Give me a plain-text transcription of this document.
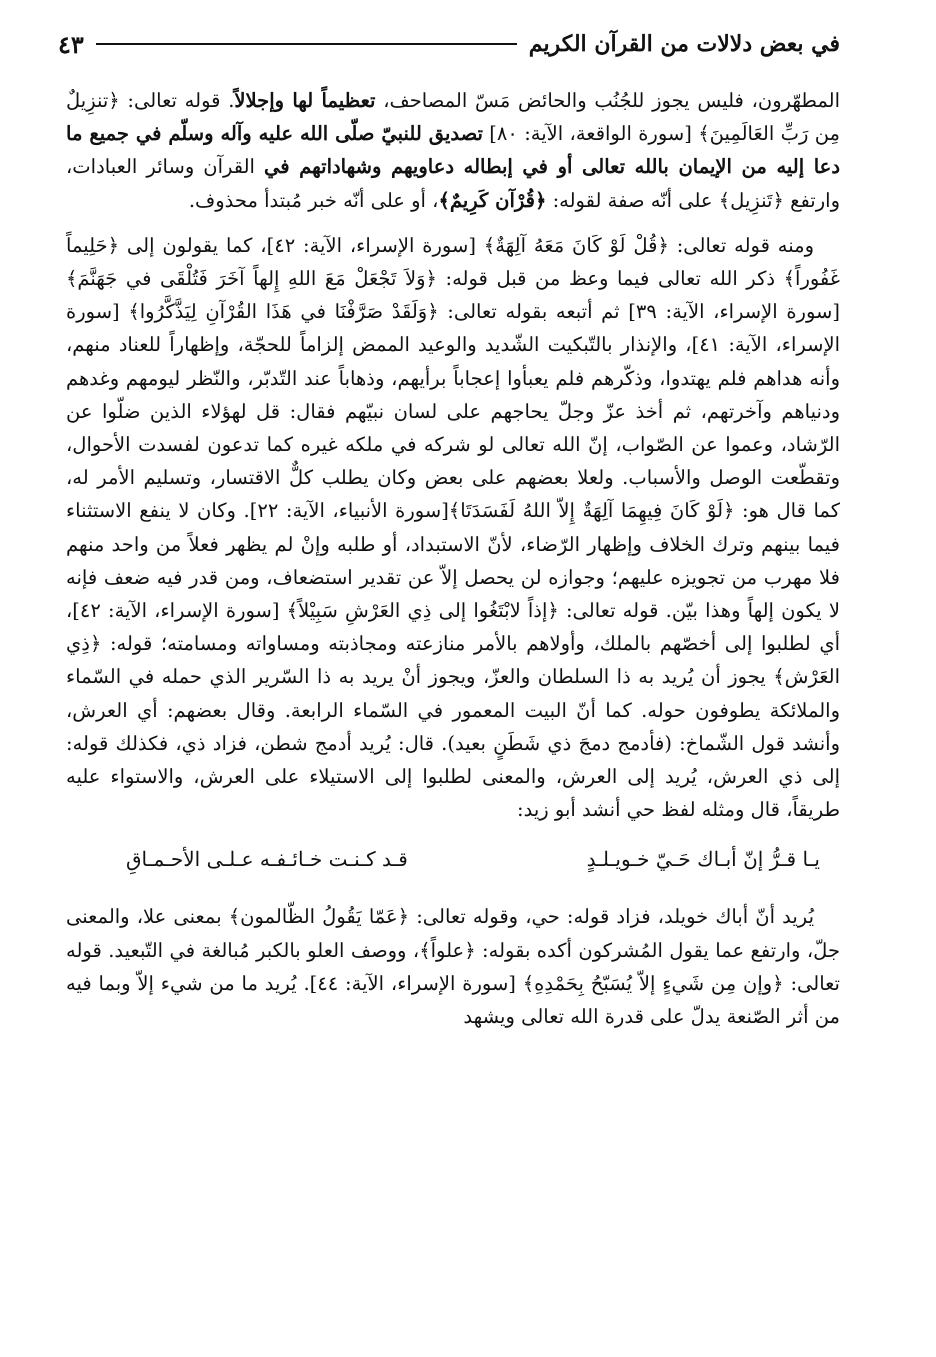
في بعض دلالات من القرآن الكريم
٤٣

المطهّرون، فليس يجوز للجُنُب والحائض مَسّ المصاحف، تعظيماً لها وإجلالاً. قوله تعالى: ﴿تنزِيلٌ مِن رَبِّ العَالَمِينَ﴾ [سورة الواقعة، الآية: ٨٠] تصديق للنبيّ صلّى الله عليه وآله وسلّم في جميع ما دعا إليه من الإيمان بالله تعالى أو في إبطاله دعاويهم وشهاداتهم في القرآن وسائر العبادات، وارتفع ﴿تَنزِيل﴾ على أنّه صفة لقوله: ﴿قُرْآن كَرِيمٌ﴾، أو على أنّه خبر مُبتدأ محذوف.

ومنه قوله تعالى: ﴿قُلْ لَوْ كَانَ مَعَهُ آلِهَةٌ﴾ [سورة الإسراء، الآية: ٤٢]، كما يقولون إلى ﴿حَلِيماً غَفُوراً﴾ ذكر الله تعالى فيما وعظ من قبل قوله: ﴿وَلاَ تَجْعَلْ مَعَ اللهِ إِلهاً آخَرَ فَتُلْقَى في جَهَنَّمَ﴾ [سورة الإسراء، الآية: ٣٩] ثم أتبعه بقوله تعالى: ﴿وَلَقَدْ صَرَّفْنَا في هَذَا القُرْآنِ لِيَذَّكَّرُوا﴾ [سورة الإسراء، الآية: ٤١]، والإنذار بالتّبكيت الشّديد والوعيد الممض إلزاماً للحجّة، وإظهاراً للعناد منهم، وأنه هداهم فلم يهتدوا، وذكّرهم فلم يعبأوا إعجاباً برأيهم، وذهاباً عند التّدبّر، والنّظر ليومهم وغدهم ودنياهم وآخرتهم، ثم أخذ عزّ وجلّ يحاجهم على لسان نبيّهم فقال: قل لهؤلاء الذين ضلّوا عن الرّشاد، وعموا عن الصّواب، إنّ الله تعالى لو شركه في ملكه غيره كما تدعون لفسدت الأحوال، وتقطّعت الوصل والأسباب. ولعلا بعضهم على بعض وكان يطلب كلٌّ الاقتسار، وتسليم الأمر له، كما قال هو: ﴿لَوْ كَانَ فِيهِمَا آلِهَةٌ إِلاّ اللهُ لَفَسَدَتَا﴾[سورة الأنبياء، الآية: ٢٢]. وكان لا ينفع الاستثناء فيما بينهم وترك الخلاف وإظهار الرّضاء، لأنّ الاستبداد، أو طلبه وإنْ لم يظهر فعلاً من واحد منهم فلا مهرب من تجويزه عليهم؛ وجوازه لن يحصل إلاّ عن تقدير استضعاف، ومن قدر فيه ضعف فإنه لا يكون إلهاً وهذا بيّن. قوله تعالى: ﴿إذاً لابْتَغُوا إلى ذِي العَرْشِ سَبِيْلاً﴾ [سورة الإسراء، الآية: ٤٢]، أي لطلبوا إلى أخصّهم بالملك، وأولاهم بالأمر منازعته ومجاذبته ومساواته ومسامته؛ قوله: ﴿ذِي العَرْش﴾ يجوز أن يُريد به ذا السلطان والعزّ، ويجوز أنْ يريد به ذا السّرير الذي حمله في السّماء والملائكة يطوفون حوله. كما أنّ البيت المعمور في السّماء الرابعة. وقال بعضهم: أي العرش، وأنشد قول الشّماخ: (فأدمج دمجَ ذي شَطَنٍ بعيد). قال: يُريد أدمج شطن، فزاد ذي، فكذلك قوله: إلى ذي العرش، يُريد إلى العرش، والمعنى لطلبوا إلى الاستيلاء على العرش، والاستواء عليه طريقاً، قال ومثله لفظ حي أنشد أبو زيد:

يـا قـرُّ إنّ أبـاك حَـيّ خـويـلـدٍ
قـد كـنـت خـائـفـه عـلـى الأحـمـاقِ

يُريد أنّ أباك خويلد، فزاد قوله: حي، وقوله تعالى: ﴿عَمّا يَقُولُ الظّالمون﴾ بمعنى علا، والمعنى جلّ، وارتفع عما يقول المُشركون أكده بقوله: ﴿علواً﴾، ووصف العلو بالكبر مُبالغة في التّبعيد. قوله تعالى: ﴿وإن مِن شَيءٍ إلاّ يُسَبّحُ بِحَمْدِهِ﴾ [سورة الإسراء، الآية: ٤٤]. يُريد ما من شيء إلاّ وبما فيه من أثر الصّنعة يدلّ على قدرة الله تعالى ويشهد
